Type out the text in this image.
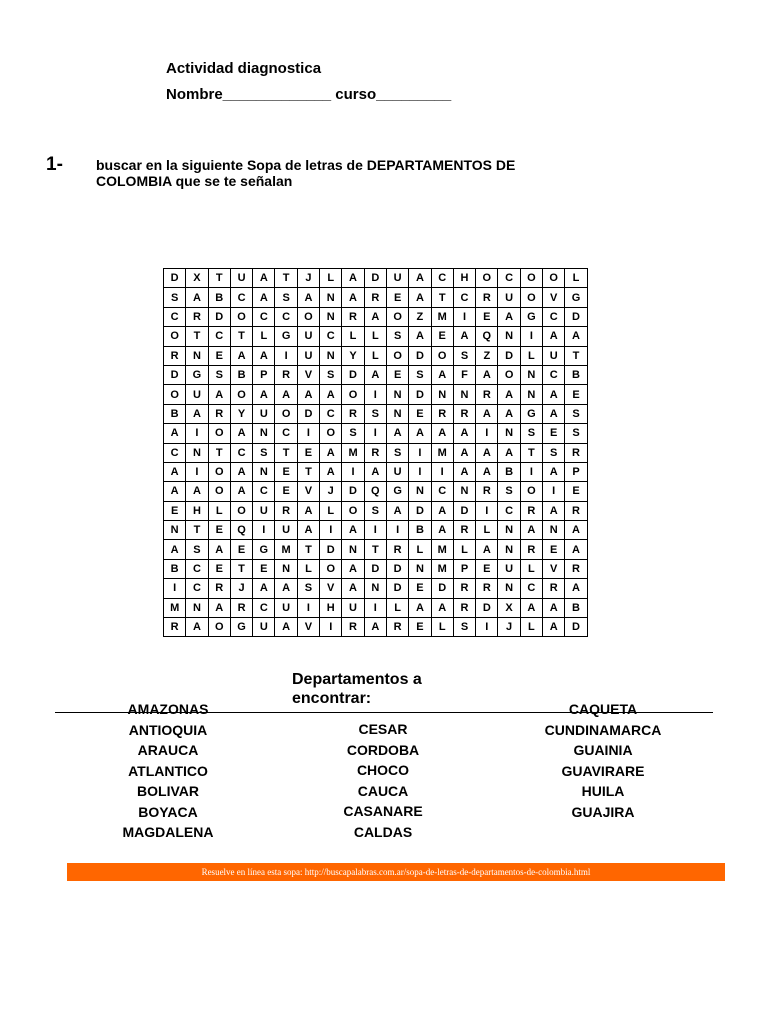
Actividad diagnostica
Nombre_____________ curso_________
1- buscar en la siguiente Sopa de letras de DEPARTAMENTOS DE COLOMBIA que se te señalan
D	X	T	U	A	T	J	L	A	D	U	A	C	H	O	C	O	O	L
S	A	B	C	A	S	A	N	A	R	E	A	T	C	R	U	O	V	G
C	R	D	O	C	C	O	N	R	A	O	Z	M	I	E	A	G	C	D
O	T	C	T	L	G	U	C	L	L	S	A	E	A	Q	N	I	A	A
R	N	E	A	A	I	U	N	Y	L	O	D	O	S	Z	D	L	U	T
D	G	S	B	P	R	V	S	D	A	E	S	A	F	A	O	N	C	B
O	U	A	O	A	A	A	A	O	I	N	D	N	N	R	A	N	A	E
B	A	R	Y	U	O	D	C	R	S	N	E	R	R	A	A	G	A	S
A	I	O	A	N	C	I	O	S	I	A	A	A	A	I	N	S	E	S
C	N	T	C	S	T	E	A	M	R	S	I	M	A	A	A	T	S	R
A	I	O	A	N	E	T	A	I	A	U	I	I	A	A	B	I	A	P
A	A	O	A	C	E	V	J	D	Q	G	N	C	N	R	S	O	I	E
E	H	L	O	U	R	A	L	O	S	A	D	A	D	I	C	R	A	R
N	T	E	Q	I	U	A	I	A	I	I	B	A	R	L	N	A	N	A
A	S	A	E	G	M	T	D	N	T	R	L	M	L	A	N	R	E	A
B	C	E	T	E	N	L	O	A	D	D	N	M	P	E	U	L	V	R
I	C	R	J	A	A	S	V	A	N	D	E	D	R	R	N	C	R	A
M	N	A	R	C	U	I	H	U	I	L	A	A	R	D	X	A	A	B
R	A	O	G	U	A	V	I	R	A	R	E	L	S	I	J	L	A	D
Departamentos a encontrar:
AMAZONAS
ANTIOQUIA
ARAUCA
ATLANTICO
BOLIVAR
BOYACA
MAGDALENA
CESAR
CORDOBA
CHOCO
CAUCA
CASANARE
CALDAS
CAQUETA
CUNDINAMARCA
GUAINIA
GUAVIRARE
HUILA
GUAJIRA
Resuelve en línea esta sopa: http://buscapalabras.com.ar/sopa-de-letras-de-departamentos-de-colombia.html
